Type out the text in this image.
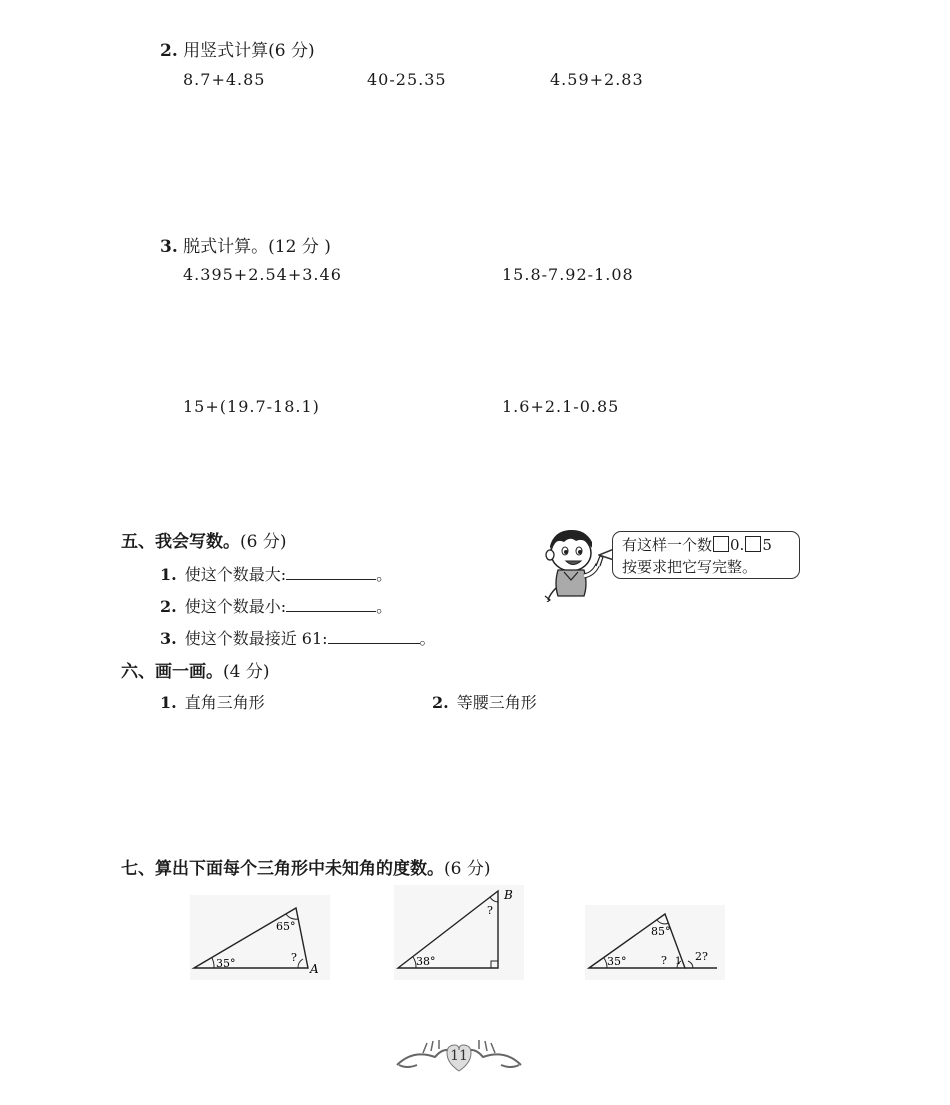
2. 用竖式计算(6 分)
8.7+4.85	40-25.35	4.59+2.83
3. 脱式计算。(12 分 )
4.395+2.54+3.46	15.8-7.92-1.08
15+(19.7-18.1)	1.6+2.1-0.85
五、我会写数。(6 分)
1. 使这个数最大:	。
2. 使这个数最小:	。
3. 使这个数最接近 61:	。
有这样一个数 0. 5
按要求把它写完整。
六、画一画。(4 分)
1. 直角三角形	2. 等腰三角形
七、算出下面每个三角形中未知角的度数。(6 分)
35°
65°
?
A
38°
?
B
35°
85°
? 1 2?
11
